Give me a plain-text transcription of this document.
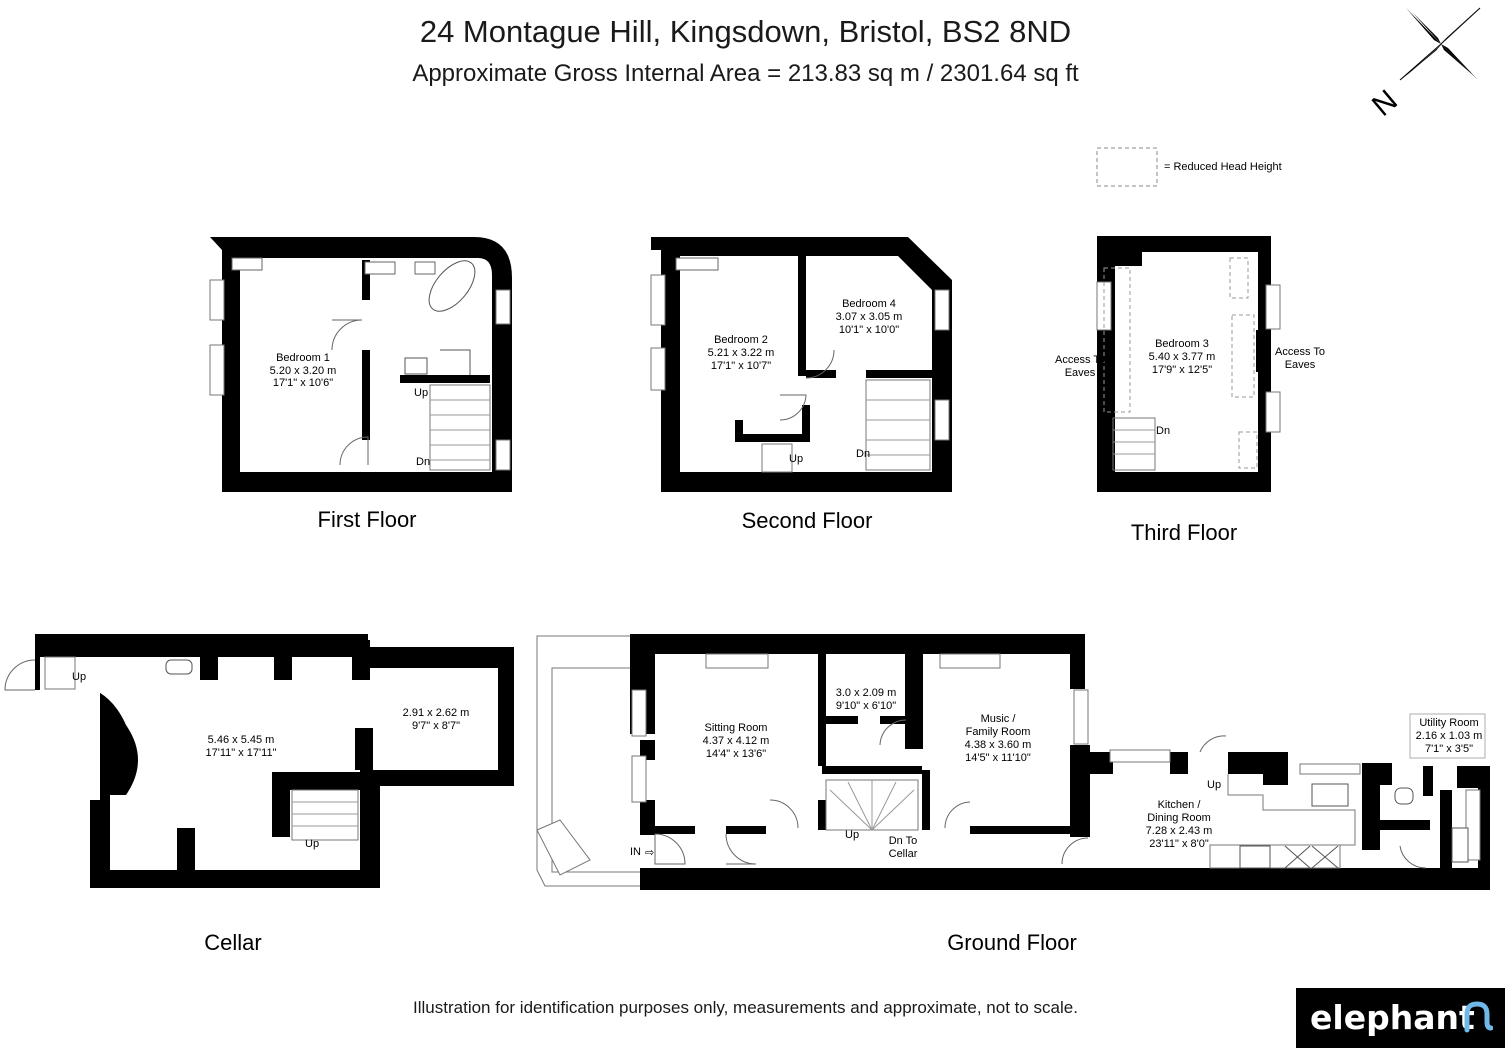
24 Montague Hill, Kingsdown, Bristol, BS2 8ND
Approximate Gross Internal Area = 213.83 sq m / 2301.64 sq ft
N
= Reduced Head Height
Bedroom 1
5.20 x 3.20 m
17'1" x 10'6"
Up
Dn
First Floor
Bedroom 2
5.21 x 3.22 m
17'1" x 10'7"
Bedroom 4
3.07 x 3.05 m
10'1" x 10'0"
Up	Dn
Second Floor
Bedroom 3
5.40 x 3.77 m
17'9" x 12'5"
Access To
Eaves
Access To
Eaves
Dn
Third Floor
5.46 x 5.45 m
17'11" x 17'11"
2.91 x 2.62 m
9'7" x 8'7"
Up
Up
Cellar
Sitting Room
4.37 x 4.12 m
14'4" x 13'6"
3.0 x 2.09 m
9'10" x 6'10"
Music /
Family Room
4.38 x 3.60 m
14'5" x 11'10"
Kitchen /
Dining Room
7.28 x 2.43 m
23'11" x 8'0"
Utility Room
2.16 x 1.03 m
7'1" x 3'5"
Up
Up
Dn To
Cellar
IN ⇨
Ground Floor
Illustration for identification purposes only, measurements and approximate, not to scale.	elephant
